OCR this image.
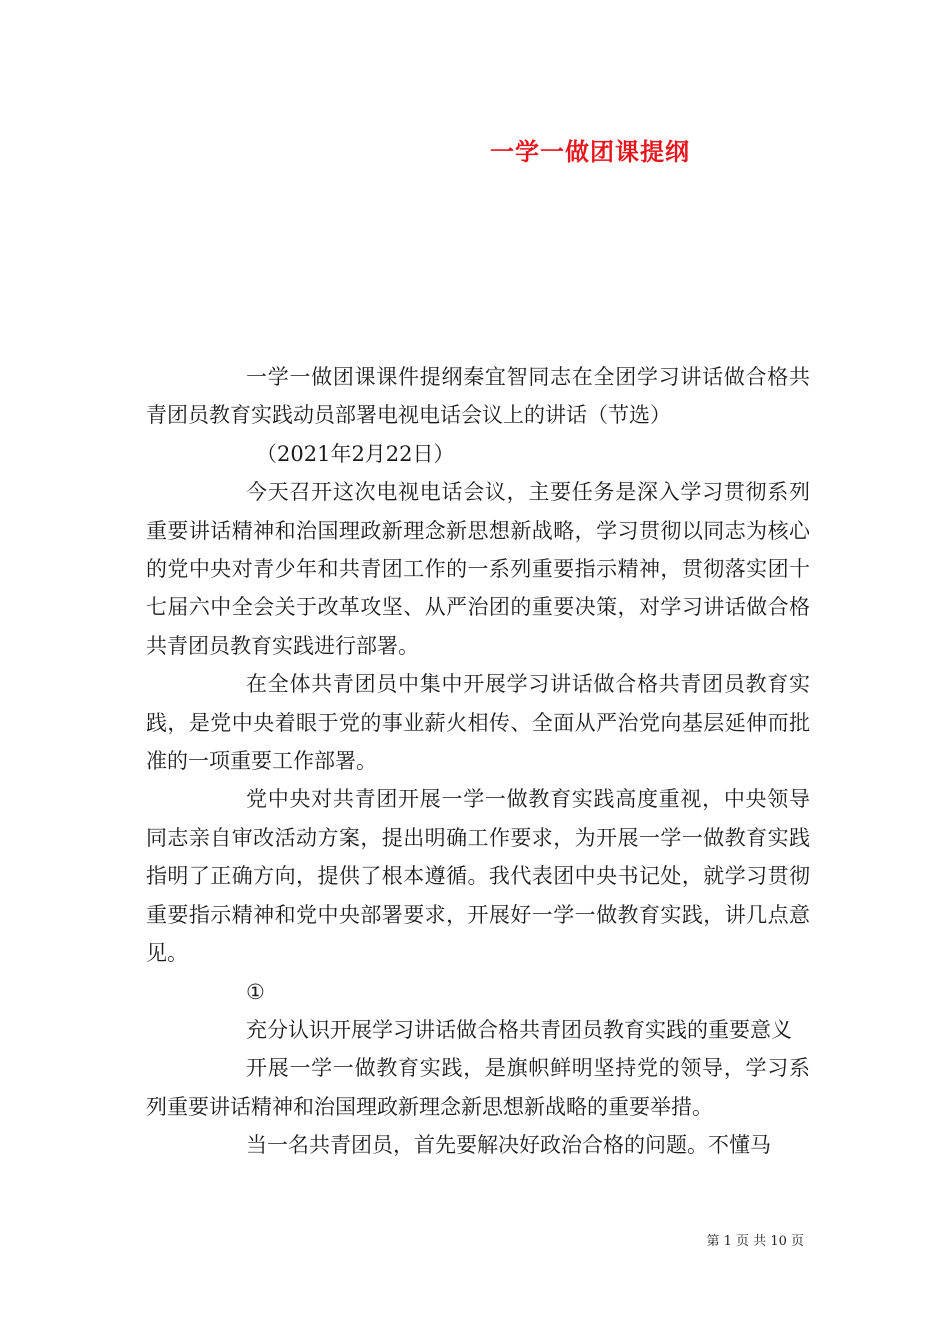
一学一做团课提纲

一学一做团课课件提纲秦宜智同志在全团学习讲话做合格共青团员教育实践动员部署电视电话会议上的讲话（节选）

（2021年2月22日）

今天召开这次电视电话会议，主要任务是深入学习贯彻系列重要讲话精神和治国理政新理念新思想新战略，学习贯彻以同志为核心的党中央对青少年和共青团工作的一系列重要指示精神，贯彻落实团十七届六中全会关于改革攻坚、从严治团的重要决策，对学习讲话做合格共青团员教育实践进行部署。

在全体共青团员中集中开展学习讲话做合格共青团员教育实践，是党中央着眼于党的事业薪火相传、全面从严治党向基层延伸而批准的一项重要工作部署。

党中央对共青团开展一学一做教育实践高度重视，中央领导同志亲自审改活动方案，提出明确工作要求，为开展一学一做教育实践指明了正确方向，提供了根本遵循。我代表团中央书记处，就学习贯彻重要指示精神和党中央部署要求，开展好一学一做教育实践，讲几点意见。

①

充分认识开展学习讲话做合格共青团员教育实践的重要意义

开展一学一做教育实践，是旗帜鲜明坚持党的领导，学习系列重要讲话精神和治国理政新理念新思想新战略的重要举措。

当一名共青团员，首先要解决好政治合格的问题。不懂马

第 1 页 共 10 页
